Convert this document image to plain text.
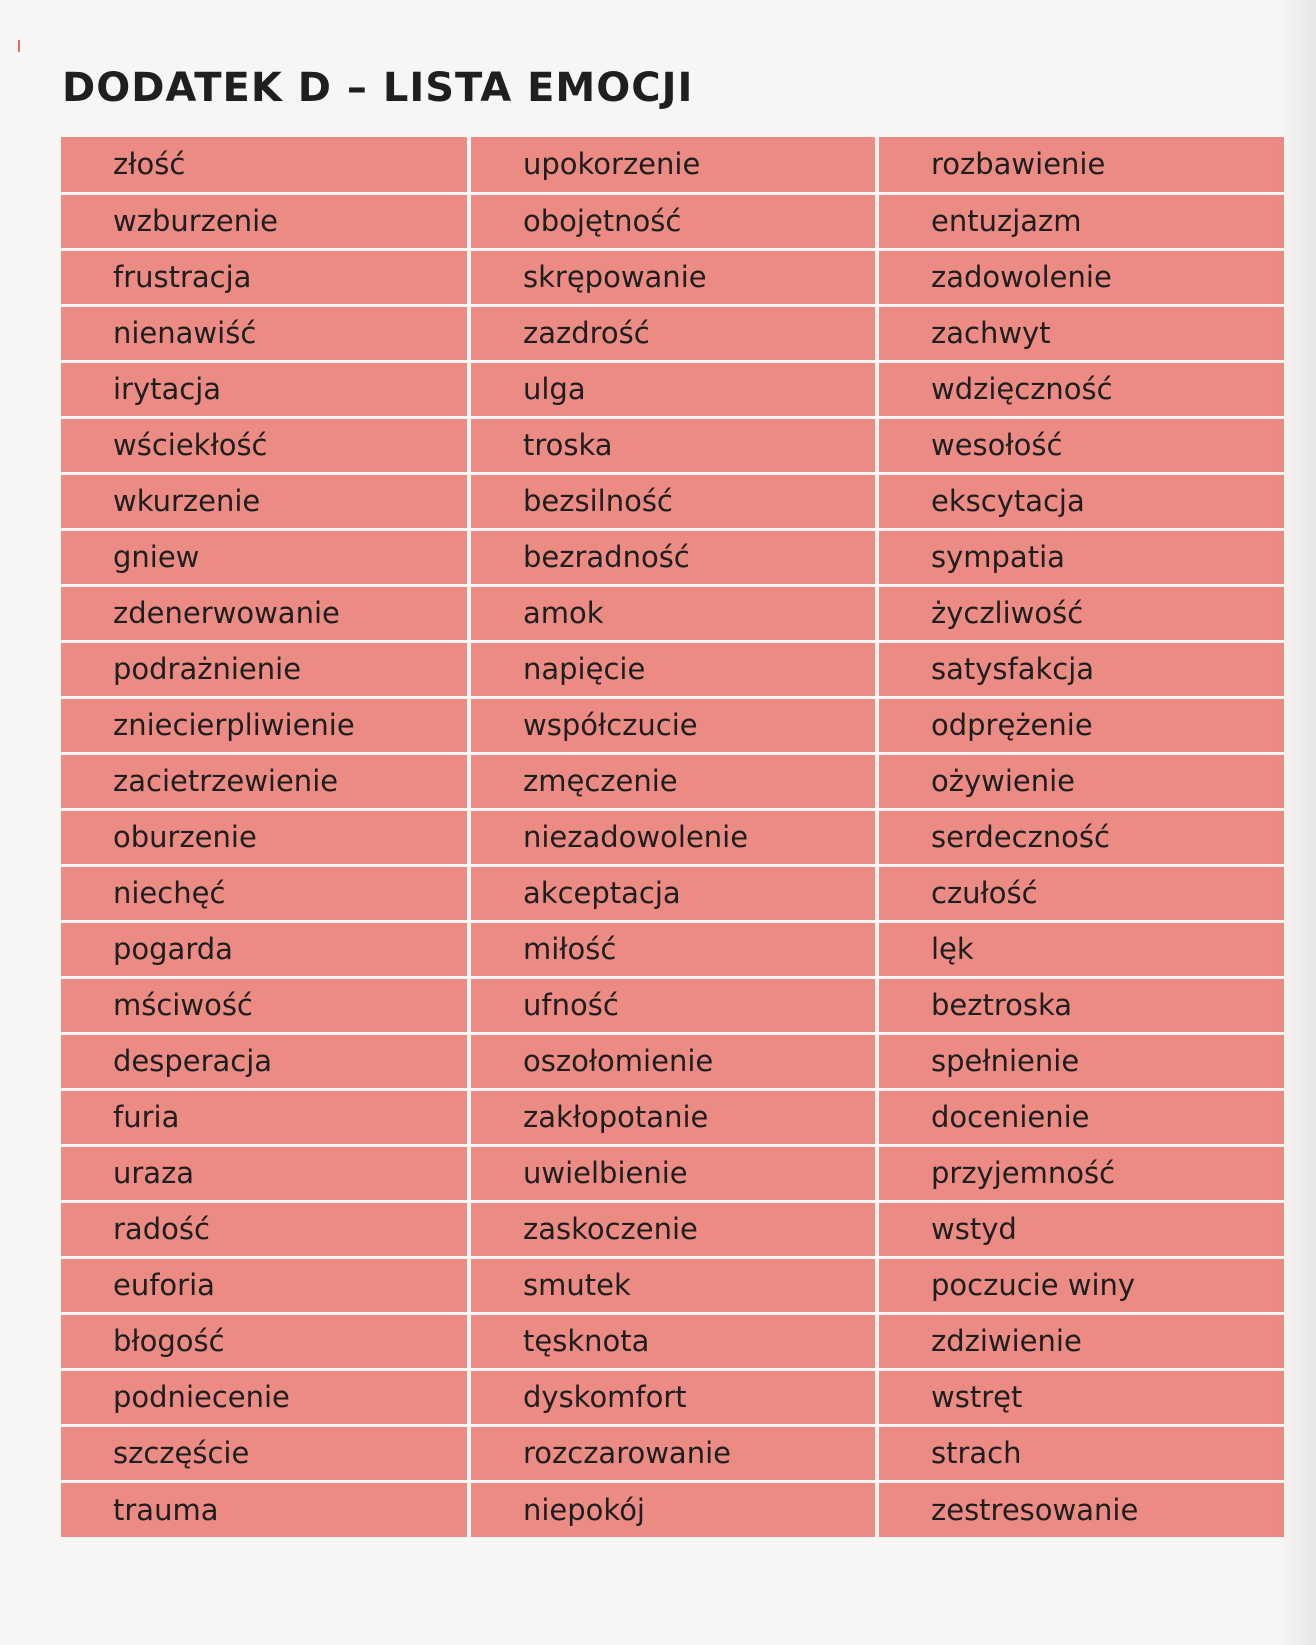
DODATEK D – LISTA EMOCJI
złość	upokorzenie	rozbawienie
wzburzenie	obojętność	entuzjazm
frustracja	skrępowanie	zadowolenie
nienawiść	zazdrość	zachwyt
irytacja	ulga	wdzięczność
wściekłość	troska	wesołość
wkurzenie	bezsilność	ekscytacja
gniew	bezradność	sympatia
zdenerwowanie	amok	życzliwość
podrażnienie	napięcie	satysfakcja
zniecierpliwienie	współczucie	odprężenie
zacietrzewienie	zmęczenie	ożywienie
oburzenie	niezadowolenie	serdeczność
niechęć	akceptacja	czułość
pogarda	miłość	lęk
mściwość	ufność	beztroska
desperacja	oszołomienie	spełnienie
furia	zakłopotanie	docenienie
uraza	uwielbienie	przyjemność
radość	zaskoczenie	wstyd
euforia	smutek	poczucie winy
błogość	tęsknota	zdziwienie
podniecenie	dyskomfort	wstręt
szczęście	rozczarowanie	strach
trauma	niepokój	zestresowanie
